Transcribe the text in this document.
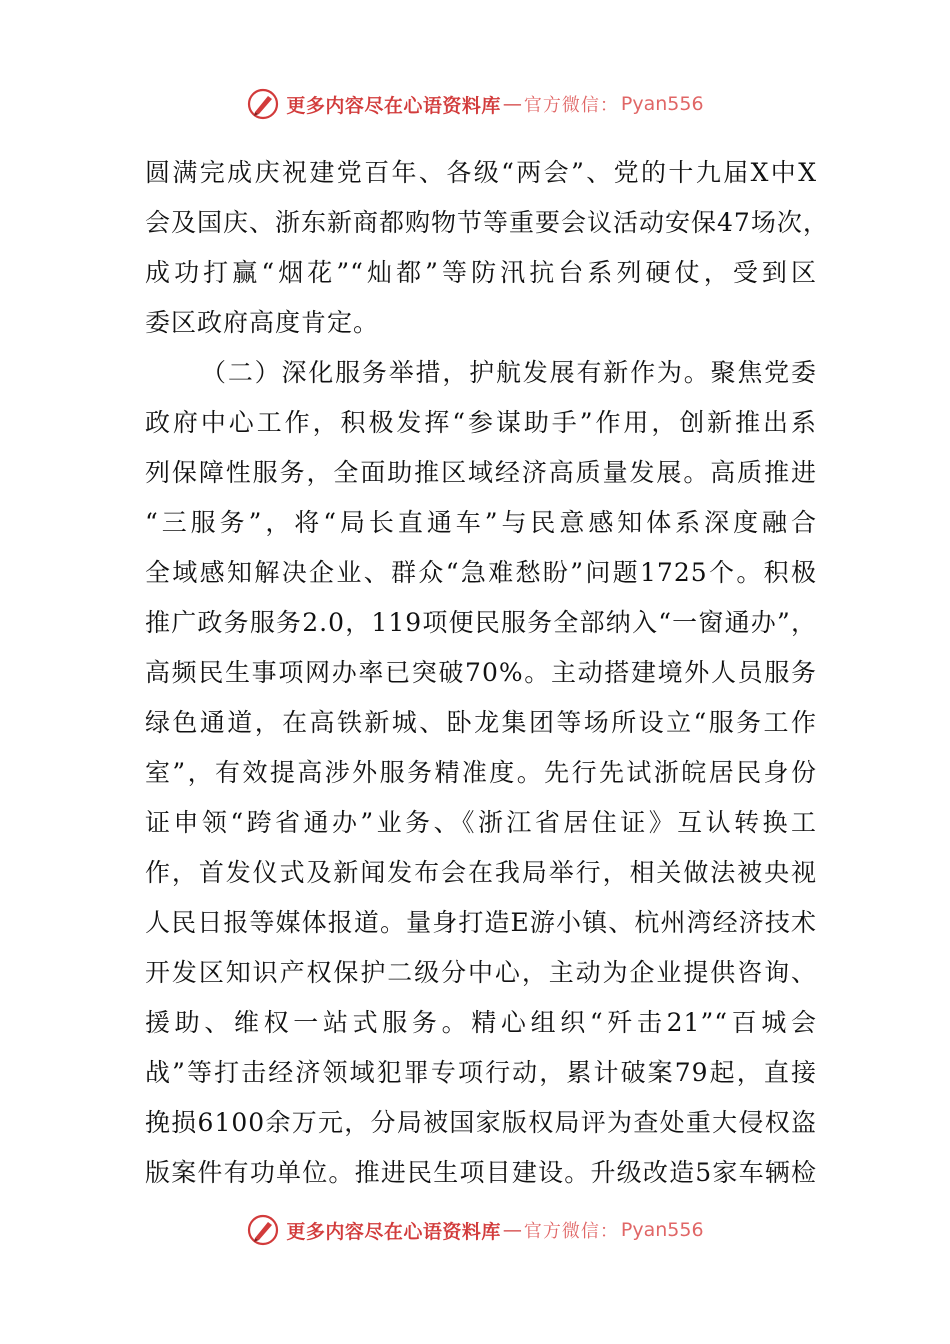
更多内容尽在心语资料库 — 官方微信： Pyan556
圆满完成庆祝建党百年、各级“两会”、党的十九届X中X
会及国庆、浙东新商都购物节等重要会议活动安保47场次，
成功打赢“烟花”“灿都”等防汛抗台系列硬仗，受到区
委区政府高度肯定。
（二）深化服务举措，护航发展有新作为。聚焦党委
政府中心工作，积极发挥“参谋助手”作用，创新推出系
列保障性服务，全面助推区域经济高质量发展。高质推进
“三服务”，将“局长直通车”与民意感知体系深度融合
全域感知解决企业、群众“急难愁盼”问题1725个。积极
推广政务服务2.0，119项便民服务全部纳入“一窗通办”，
高频民生事项网办率已突破70%。主动搭建境外人员服务
绿色通道，在高铁新城、卧龙集团等场所设立“服务工作
室”，有效提高涉外服务精准度。先行先试浙皖居民身份
证申领“跨省通办”业务、《浙江省居住证》互认转换工
作，首发仪式及新闻发布会在我局举行，相关做法被央视
人民日报等媒体报道。量身打造E游小镇、杭州湾经济技术
开发区知识产权保护二级分中心，主动为企业提供咨询、
援助、维权一站式服务。精心组织“歼击21”“百城会
战”等打击经济领域犯罪专项行动，累计破案79起，直接
挽损6100余万元，分局被国家版权局评为查处重大侵权盗
版案件有功单位。推进民生项目建设。升级改造5家车辆检
更多内容尽在心语资料库 — 官方微信： Pyan556
